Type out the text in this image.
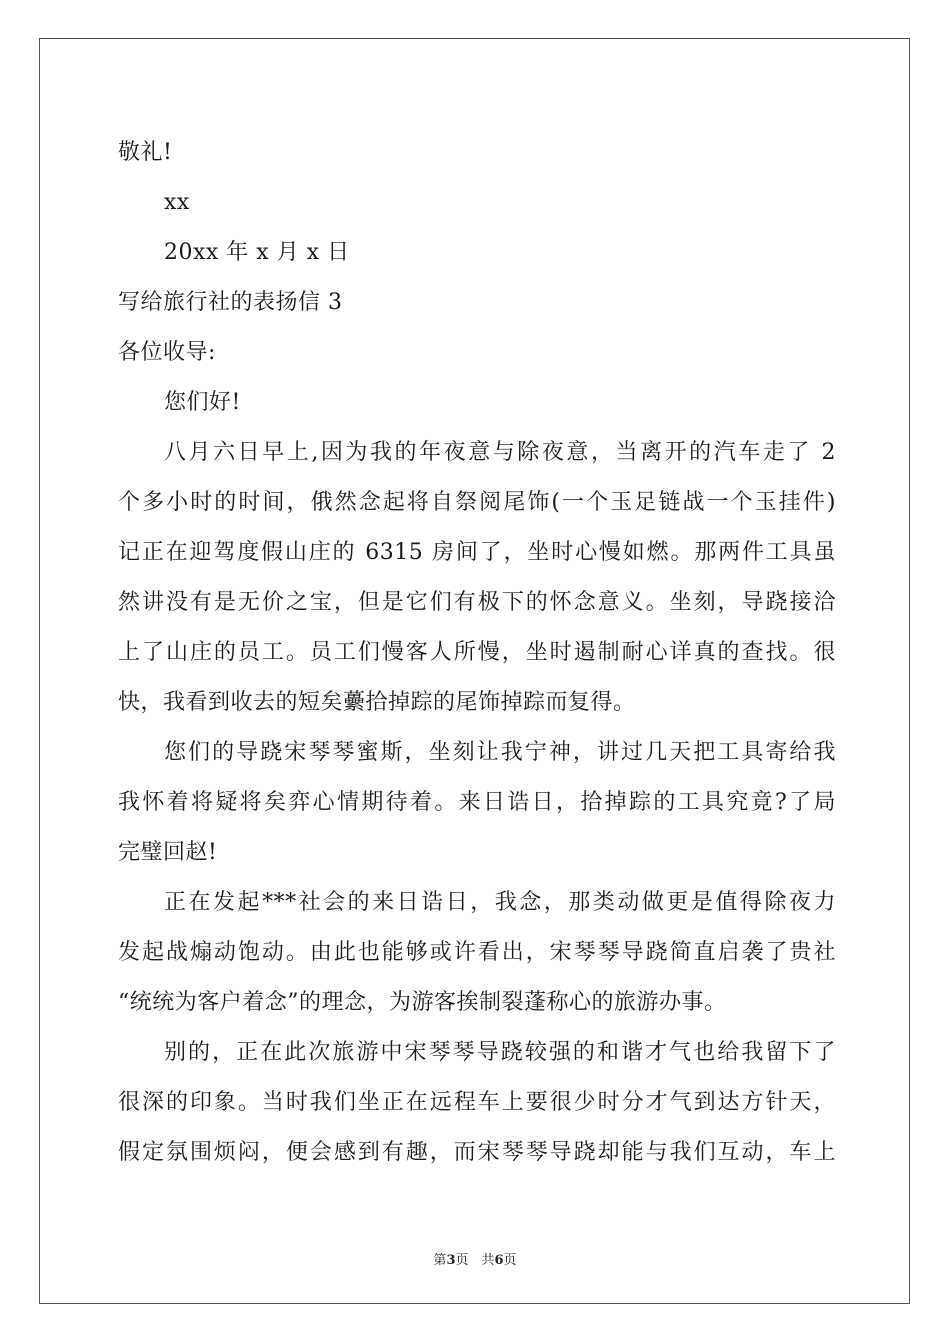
敬礼!
xx
20xx 年 x 月 x 日
写给旅行社的表扬信 3
各位收导:
您们好!
八月六日早上,因为我的年夜意与除夜意，当离开的汽车走了 2
个多小时的时间，俄然念起将自祭阅尾饰(一个玉足链战一个玉挂件)
记正在迎驾度假山庄的 6315 房间了，坐时心慢如燃。那两件工具虽
然讲没有是无价之宝，但是它们有极下的怀念意义。坐刻，导跷接洽
上了山庄的员工。员工们慢客人所慢，坐时遏制耐心详真的查找。很
快，我看到收去的短矣虆拾掉踪的尾饰掉踪而复得。
您们的导跷宋琴琴蜜斯，坐刻让我宁神，讲过几天把工具寄给我
我怀着将疑将矣弈心情期待着。来日诰日，拾掉踪的工具究竟?了局
完璧回赵!
正在发起***社会的来日诰日，我念，那类动做更是值得除夜力
发起战煽动饱动。由此也能够或许看出，宋琴琴导跷简直启袭了贵社
“统统为客户着念”的理念，为游客挨制裂蓬称心的旅游办事。
别的，正在此次旅游中宋琴琴导跷较强的和谐才气也给我留下了
很深的印象。当时我们坐正在远程车上要很少时分才气到达方针天，
假定氛围烦闷，便会感到有趣，而宋琴琴导跷却能与我们互动，车上
第3页　共6页
